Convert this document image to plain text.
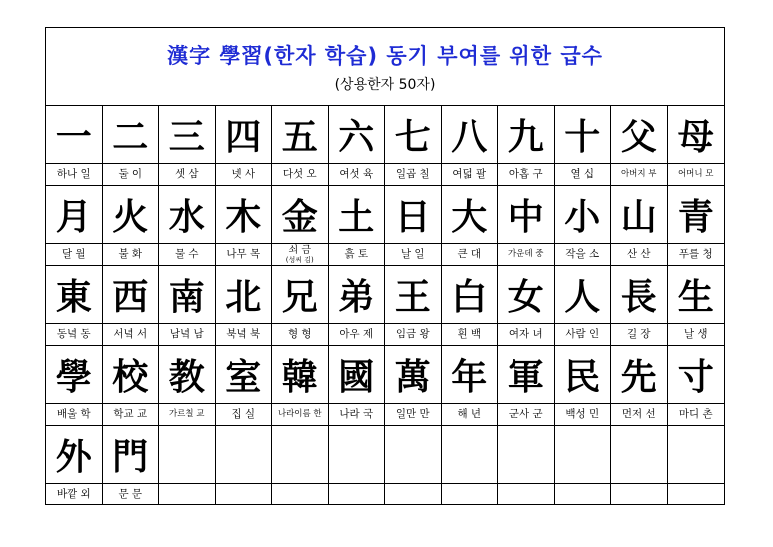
漢字 學習(한자 학습) 동기 부여를 위한 급수
(상용한자 50자)
一
하나 일
二
둘 이
三
셋 삼
四
넷 사
五
다섯 오
六
여섯 육
七
일곱 칠
八
여덟 팔
九
아홉 구
十
열 십
父
아버지 부
母
어머니 모
月
달 월
火
불 화
水
물 수
木
나무 목
金
쇠 금
(성씨 김)
土
흙 토
日
날 일
大
큰 대
中
가운데 중
小
작을 소
山
산 산
青
푸를 청
東
동녘 동
西
서녘 서
南
남녘 남
北
북녘 북
兄
형 형
弟
아우 제
王
임금 왕
白
흰 백
女
여자 녀
人
사람 인
長
길 장
生
날 생
學
배울 학
校
학교 교
教
가르칠 교
室
집 실
韓
나라이름 한
國
나라 국
萬
일만 만
年
해 년
軍
군사 군
民
백성 민
先
먼저 선
寸
마디 촌
外
바깥 외
門
문 문
